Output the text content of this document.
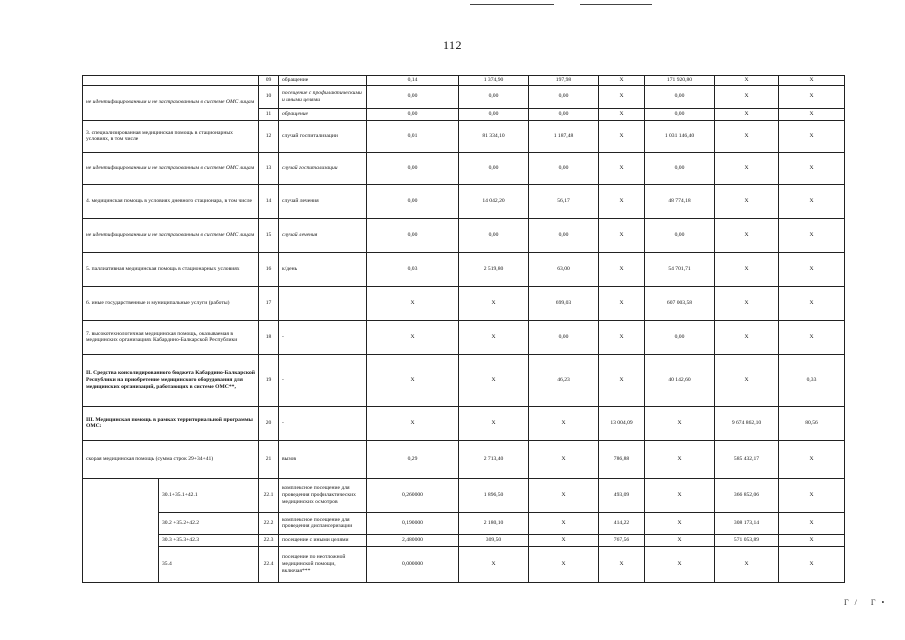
112
		09	обращение	0,14	1 374,90	197,98	X	171 920,80	X	X
не идентифицированным и не застрахованным в системе ОМС лицам		10	посещение с профилактическими и иными целями	0,00	0,00	0,00	X	0,00	X	X
		11	обращение	0,00	0,00	0,00	X	0,00	X	X
3. специализированная медицинская помощь в стационарных условиях, в том числе		12	случай госпитализации	0,01	81 334,10	1 187,48	X	1 031 146,40	X	X
не идентифицированным и не застрахованным в системе ОМС лицам		13	случай госпитализации	0,00	0,00	0,00	X	0,00	X	X
4. медицинская помощь в условиях дневного стационара, в том числе		14	случай лечения	0,00	14 042,20	56,17	X	48 774,18	X	X
не идентифицированным и не застрахованным в системе ОМС лицам		15	случай лечения	0,00	0,00	0,00	X	0,00	X	X
5. паллиативная медицинская помощь в стационарных условиях		16	к/день	0,03	2 519,80	63,00	X	54 701,71	X	X
6. иные государственные и муниципальные услуги (работы)		17		X	X	699,03	X	607 003,58	X	X
7. высокотехнологичная медицинская помощь, оказываемая в медицинских организациях Кабардино-Балкарской Республики		18	-	X	X	0,00	X	0,00	X	X
II. Средства консолидированного бюджета Кабардино-Балкарской Республики на приобретение медицинского оборудования для медицинских организаций, работающих в системе ОМС**,		19	-	X	X	46,23	X	40 142,60	X	0,33
III. Медицинская помощь в рамках территориальной программы ОМС:		20	-	X	X	X	13 004,09	X	9 674 862,10	80,56
скорая медицинская помощь (сумма строк 29+34+41)		21	вызов	0,29	2 713,40	X	786,88	X	585 432,17	X
	30.1+35.1+42.1	22.1	комплексное посещение для проведения профилактических медицинских осмотров	0,260000	1 896,50	X	493,09	X	366 852,06	X
	30.2 +35.2+42.2	22.2	комплексное посещение для проведения диспансеризации	0,190000	2 180,10	X	414,22	X	308 173,14	X
	30.3 +35.3+42.3	22.3	посещение с иными целями	2,480000	309,50	X	767,56	X	571 053,89	X
	35.4	22.4	посещение по неотложной медицинской помощи, включая***	0,000000	X	X	X	X	X	X
Г/ Г•
